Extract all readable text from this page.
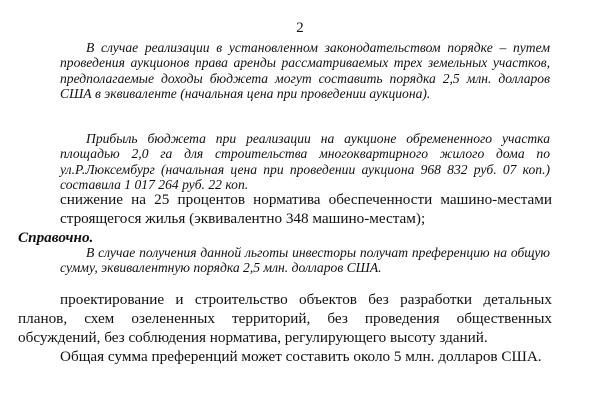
2
В случае реализации в установленном законодательством порядке – путем проведения аукционов права аренды рассматриваемых трех земельных участков, предполагаемые доходы бюджета могут составить порядка 2,5 млн. долларов США в эквиваленте (начальная цена при проведении аукциона).
Прибыль бюджета при реализации на аукционе обремененного участка площадью 2,0 га для строительства многоквартирного жилого дома по ул.Р.Люксембург (начальная цена при проведении аукциона 968 832 руб. 07 коп.) составила 1 017 264 руб. 22 коп.
снижение на 25 процентов норматива обеспеченности машино-местами строящегося жилья (эквивалентно 348 машино-местам);
Справочно.
В случае получения данной льготы инвесторы получат преференцию на общую сумму, эквивалентную порядка 2,5 млн. долларов США.
проектирование и строительство объектов без разработки детальных планов, схем озелененных территорий, без проведения общественных обсуждений, без соблюдения норматива, регулирующего высоту зданий.
Общая сумма преференций может составить около 5 млн. долларов США.
